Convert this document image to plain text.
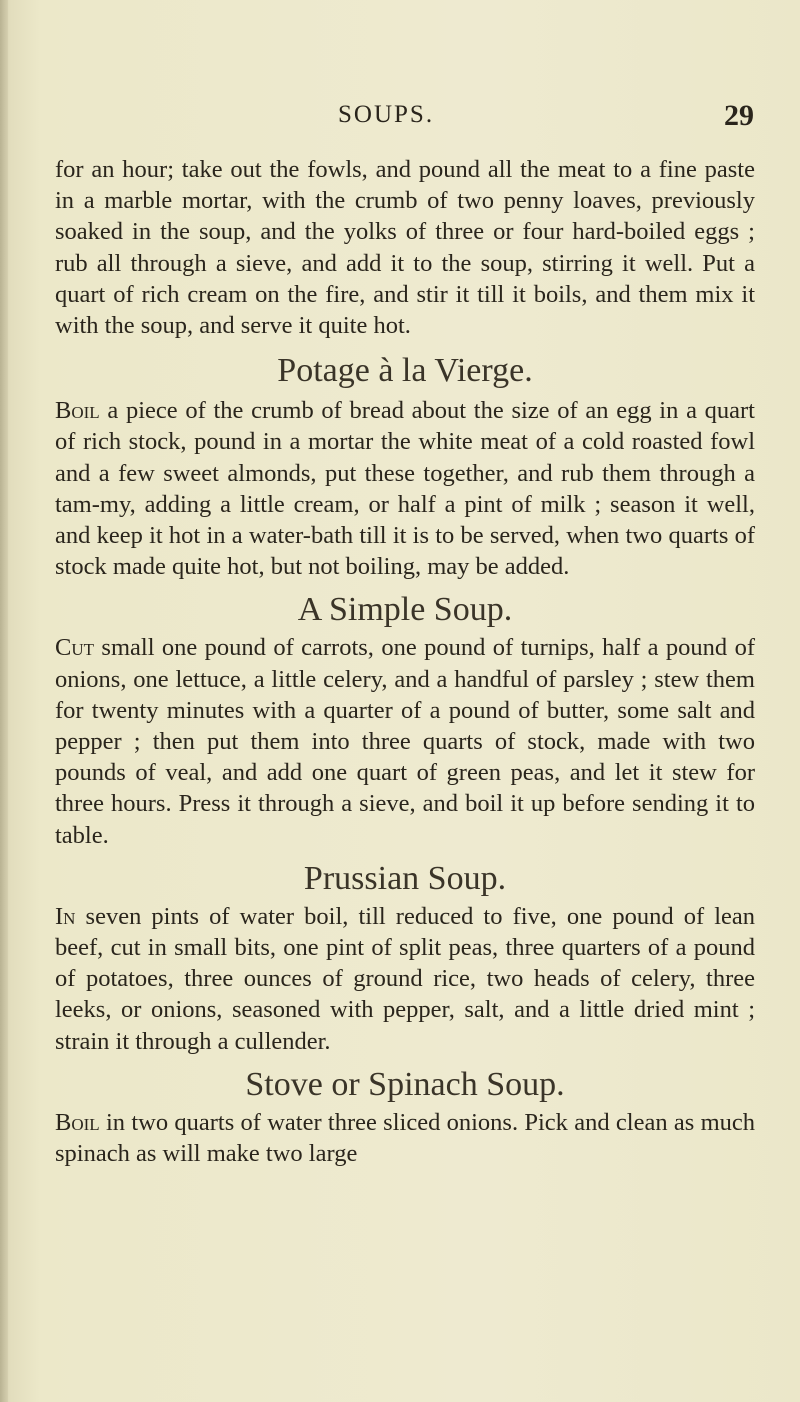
SOUPS.	29

for an hour; take out the fowls, and pound all the meat to a fine paste in a marble mortar, with the crumb of two penny loaves, previously soaked in the soup, and the yolks of three or four hard-boiled eggs ; rub all through a sieve, and add it to the soup, stirring it well. Put a quart of rich cream on the fire, and stir it till it boils, and them mix it with the soup, and serve it quite hot.

Potage à la Vierge.

Boil a piece of the crumb of bread about the size of an egg in a quart of rich stock, pound in a mortar the white meat of a cold roasted fowl and a few sweet almonds, put these together, and rub them through a tam-my, adding a little cream, or half a pint of milk ; season it well, and keep it hot in a water-bath till it is to be served, when two quarts of stock made quite hot, but not boiling, may be added.

A Simple Soup.

Cut small one pound of carrots, one pound of turnips, half a pound of onions, one lettuce, a little celery, and a handful of parsley ; stew them for twenty minutes with a quarter of a pound of butter, some salt and pepper ; then put them into three quarts of stock, made with two pounds of veal, and add one quart of green peas, and let it stew for three hours. Press it through a sieve, and boil it up before sending it to table.

Prussian Soup.

In seven pints of water boil, till reduced to five, one pound of lean beef, cut in small bits, one pint of split peas, three quarters of a pound of potatoes, three ounces of ground rice, two heads of celery, three leeks, or onions, seasoned with pepper, salt, and a little dried mint ; strain it through a cullender.

Stove or Spinach Soup.

Boil in two quarts of water three sliced onions. Pick and clean as much spinach as will make two large
